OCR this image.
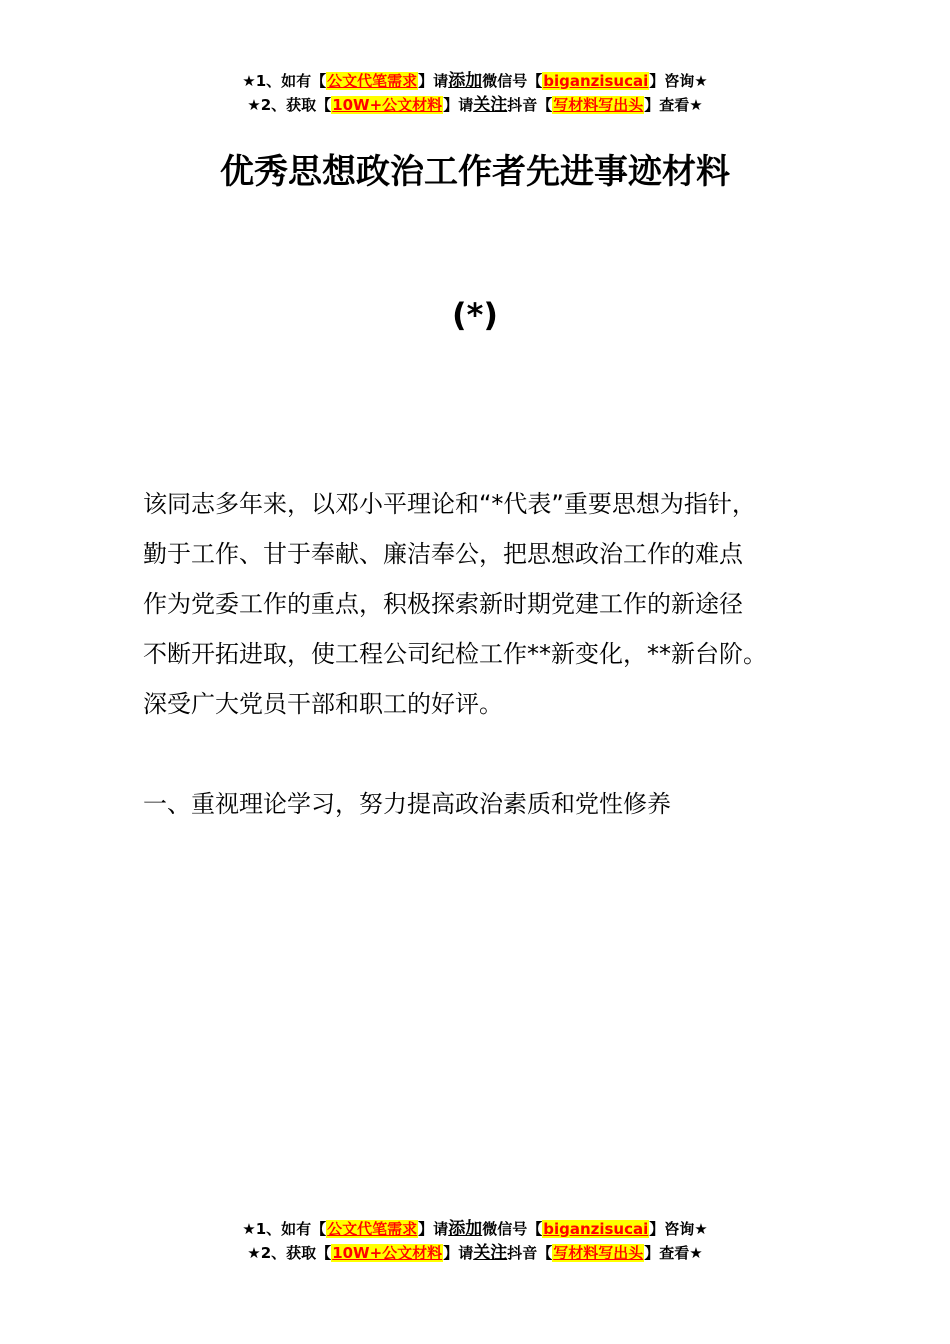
★1、如有【公文代笔需求】请添加微信号【biganzisucai】咨询★
★2、获取【10W+公文材料】请关注抖音【写材料写出头】查看★
优秀思想政治工作者先进事迹材料
(*)
该同志多年来，以邓小平理论和“*代表”重要思想为指针，
勤于工作、甘于奉献、廉洁奉公，把思想政治工作的难点
作为党委工作的重点，积极探索新时期党建工作的新途径
不断开拓进取，使工程公司纪检工作**新变化，**新台阶。
深受广大党员干部和职工的好评。
一、重视理论学习，努力提高政治素质和党性修养
★1、如有【公文代笔需求】请添加微信号【biganzisucai】咨询★
★2、获取【10W+公文材料】请关注抖音【写材料写出头】查看★
